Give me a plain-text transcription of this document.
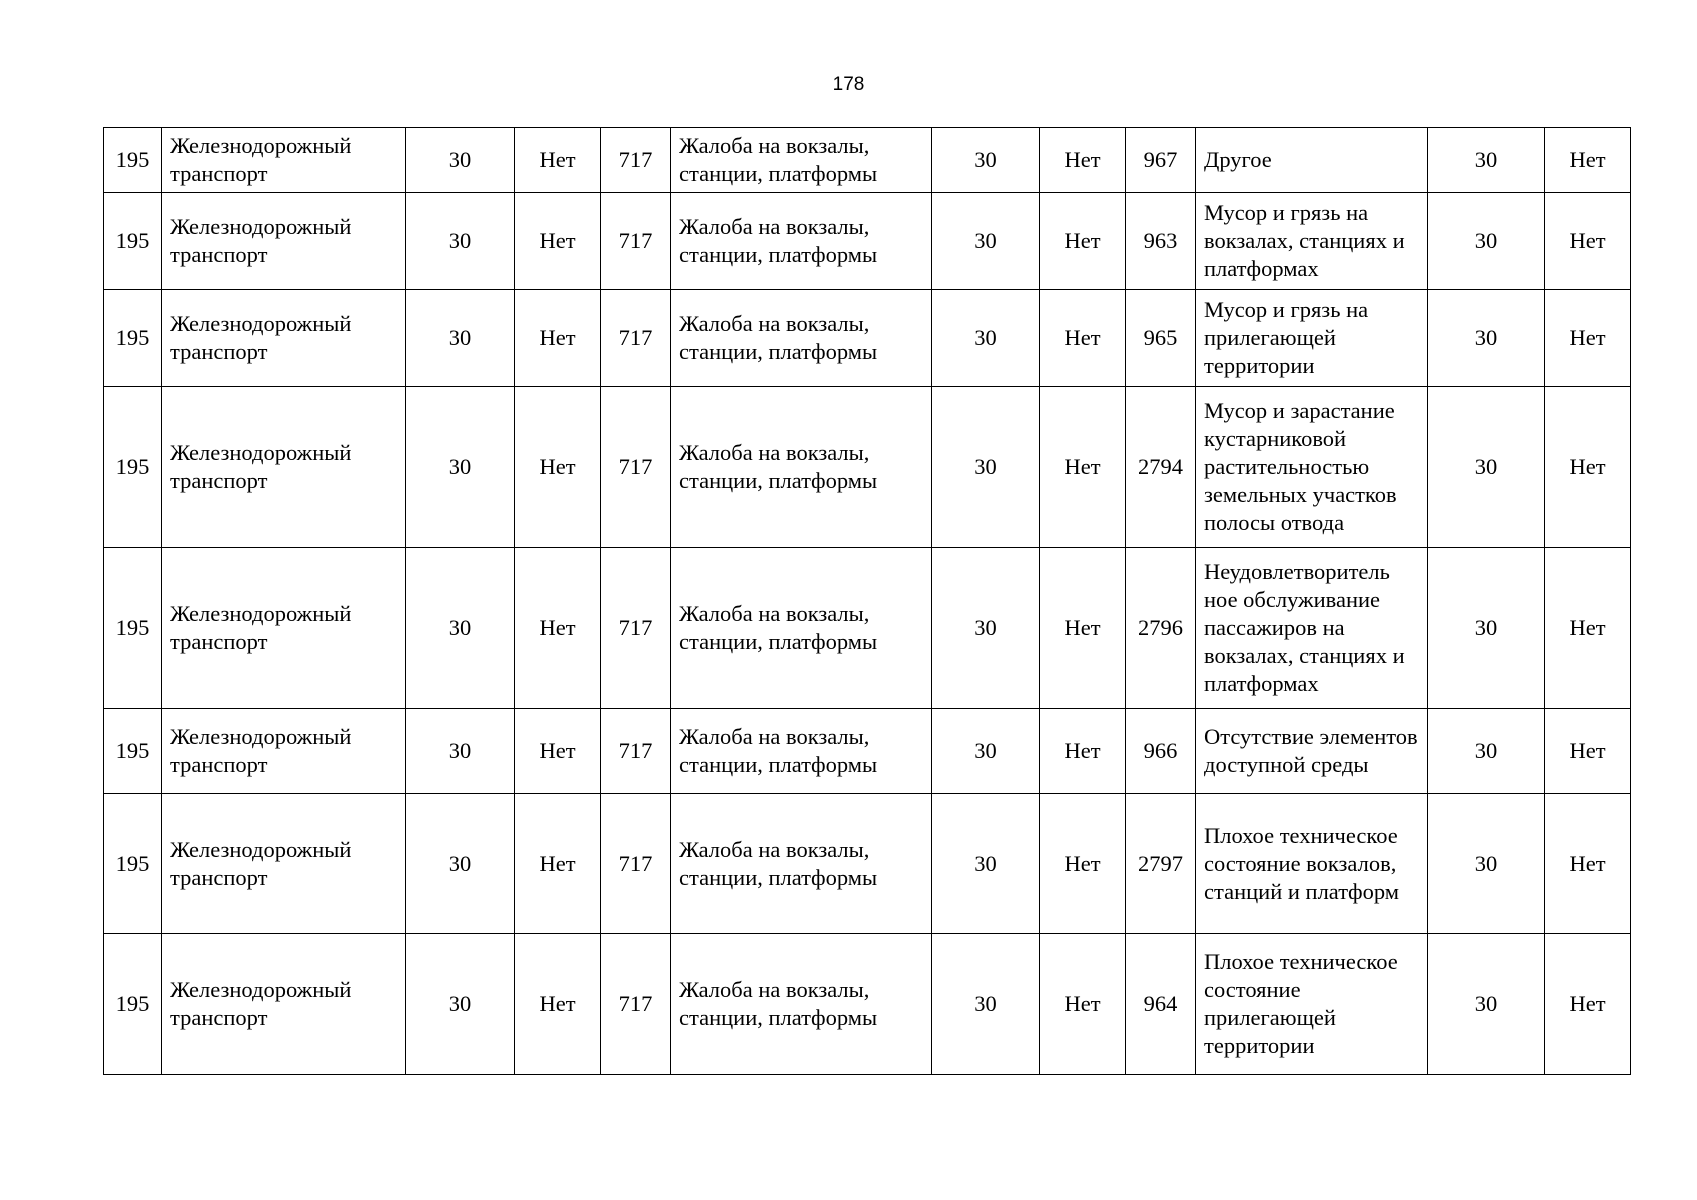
178
195	Железнодорожный транспорт	30	Нет	717	Жалоба на вокзалы, станции, платформы	30	Нет	967	Другое	30	Нет
195	Железнодорожный транспорт	30	Нет	717	Жалоба на вокзалы, станции, платформы	30	Нет	963	Мусор и грязь на вокзалах, станциях и платформах	30	Нет
195	Железнодорожный транспорт	30	Нет	717	Жалоба на вокзалы, станции, платформы	30	Нет	965	Мусор и грязь на прилегающей территории	30	Нет
195	Железнодорожный транспорт	30	Нет	717	Жалоба на вокзалы, станции, платформы	30	Нет	2794	Мусор и зарастание кустарниковой растительностью земельных участков полосы отвода	30	Нет
195	Железнодорожный транспорт	30	Нет	717	Жалоба на вокзалы, станции, платформы	30	Нет	2796	Неудовлетворитель ное обслуживание пассажиров на вокзалах, станциях и платформах	30	Нет
195	Железнодорожный транспорт	30	Нет	717	Жалоба на вокзалы, станции, платформы	30	Нет	966	Отсутствие элементов доступной среды	30	Нет
195	Железнодорожный транспорт	30	Нет	717	Жалоба на вокзалы, станции, платформы	30	Нет	2797	Плохое техническое состояние вокзалов, станций и платформ	30	Нет
195	Железнодорожный транспорт	30	Нет	717	Жалоба на вокзалы, станции, платформы	30	Нет	964	Плохое техническое состояние прилегающей территории	30	Нет
